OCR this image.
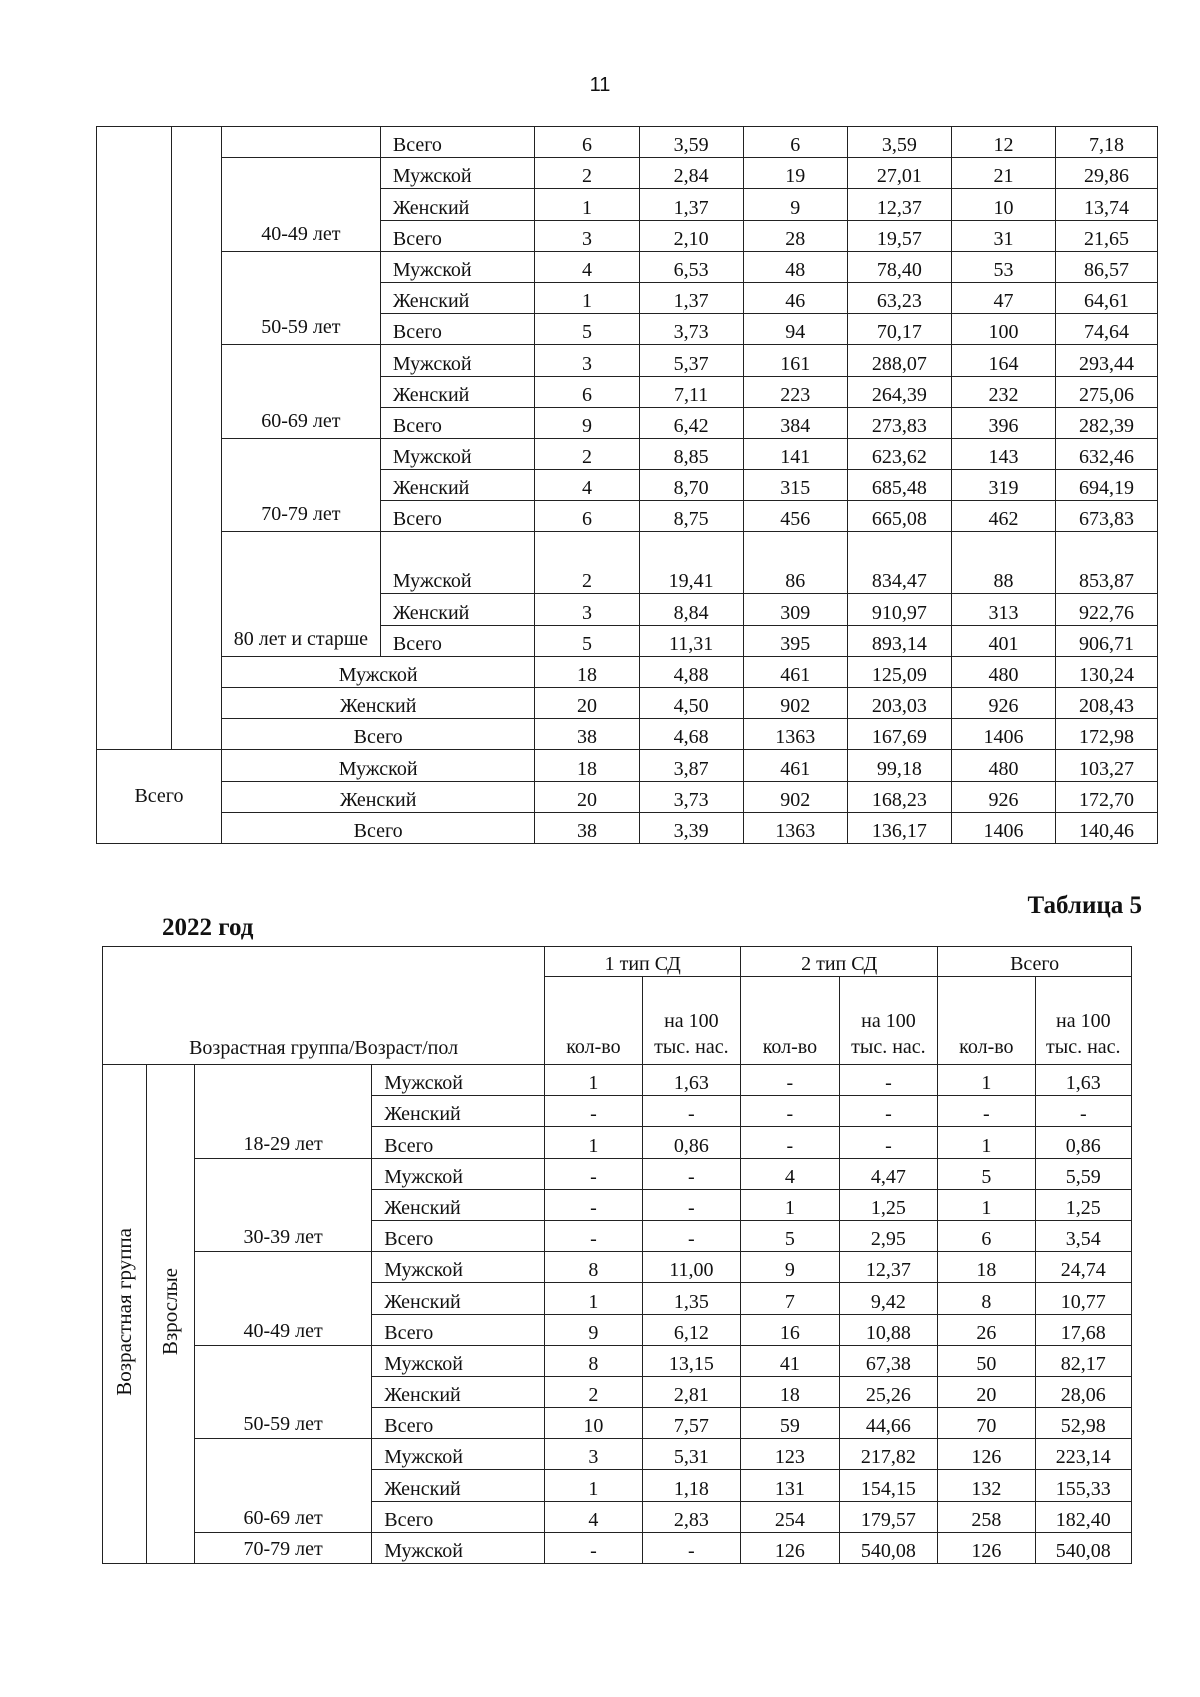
11
			Всего	6	3,59	6	3,59	12	7,18
		40-49 лет	Мужской	2	2,84	19	27,01	21	29,86
			Женский	1	1,37	9	12,37	10	13,74
			Всего	3	2,10	28	19,57	31	21,65
		50-59 лет	Мужской	4	6,53	48	78,40	53	86,57
			Женский	1	1,37	46	63,23	47	64,61
			Всего	5	3,73	94	70,17	100	74,64
		60-69 лет	Мужской	3	5,37	161	288,07	164	293,44
			Женский	6	7,11	223	264,39	232	275,06
			Всего	9	6,42	384	273,83	396	282,39
		70-79 лет	Мужской	2	8,85	141	623,62	143	632,46
			Женский	4	8,70	315	685,48	319	694,19
			Всего	6	8,75	456	665,08	462	673,83
		80 лет и старше	Мужской	2	19,41	86	834,47	88	853,87
			Женский	3	8,84	309	910,97	313	922,76
			Всего	5	11,31	395	893,14	401	906,71
		Мужской		18	4,88	461	125,09	480	130,24
		Женский		20	4,50	902	203,03	926	208,43
		Всего		38	4,68	1363	167,69	1406	172,98
Всего		Мужской		18	3,87	461	99,18	480	103,27
		Женский		20	3,73	902	168,23	926	172,70
		Всего		38	3,39	1363	136,17	1406	140,46
2022 год
Таблица 5
Возрастная группа/Возраст/пол				1 тип СД		2 тип СД		Всего	
				кол-во	на 100 тыс. нас.	кол-во	на 100 тыс. нас.	кол-во	на 100 тыс. нас.
Возрастная группа	Взрослые	18-29 лет	Мужской	1	1,63	-	-	1	1,63
			Женский	-	-	-	-	-	-
			Всего	1	0,86	-	-	1	0,86
		30-39 лет	Мужской	-	-	4	4,47	5	5,59
			Женский	-	-	1	1,25	1	1,25
			Всего	-	-	5	2,95	6	3,54
		40-49 лет	Мужской	8	11,00	9	12,37	18	24,74
			Женский	1	1,35	7	9,42	8	10,77
			Всего	9	6,12	16	10,88	26	17,68
		50-59 лет	Мужской	8	13,15	41	67,38	50	82,17
			Женский	2	2,81	18	25,26	20	28,06
			Всего	10	7,57	59	44,66	70	52,98
		60-69 лет	Мужской	3	5,31	123	217,82	126	223,14
			Женский	1	1,18	131	154,15	132	155,33
			Всего	4	2,83	254	179,57	258	182,40
		70-79 лет	Мужской	-	-	126	540,08	126	540,08
